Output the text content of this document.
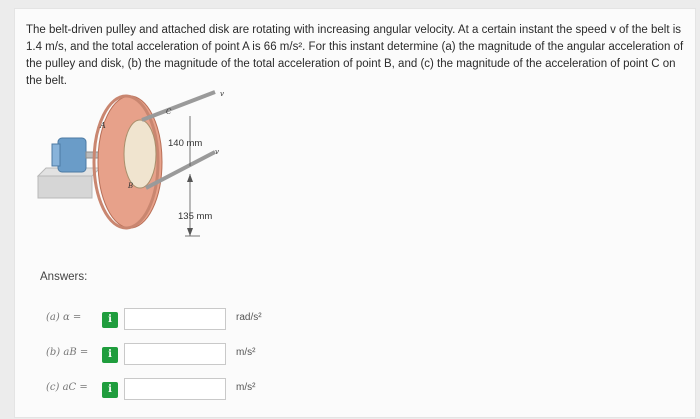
The belt-driven pulley and attached disk are rotating with increasing angular velocity. At a certain instant the speed v of the belt is 1.4 m/s, and the total acceleration of point A is 66 m/s². For this instant determine (a) the magnitude of the angular acceleration of the pulley and disk, (b) the magnitude of the total acceleration of point B, and (c) the magnitude of the acceleration of point C on the belt.

A
B
C
v
v
140 mm
135 mm
Answers:
(a) α =	i	rad/s²
(b) aB =	i	m/s²
(c) aC =	i	m/s²
